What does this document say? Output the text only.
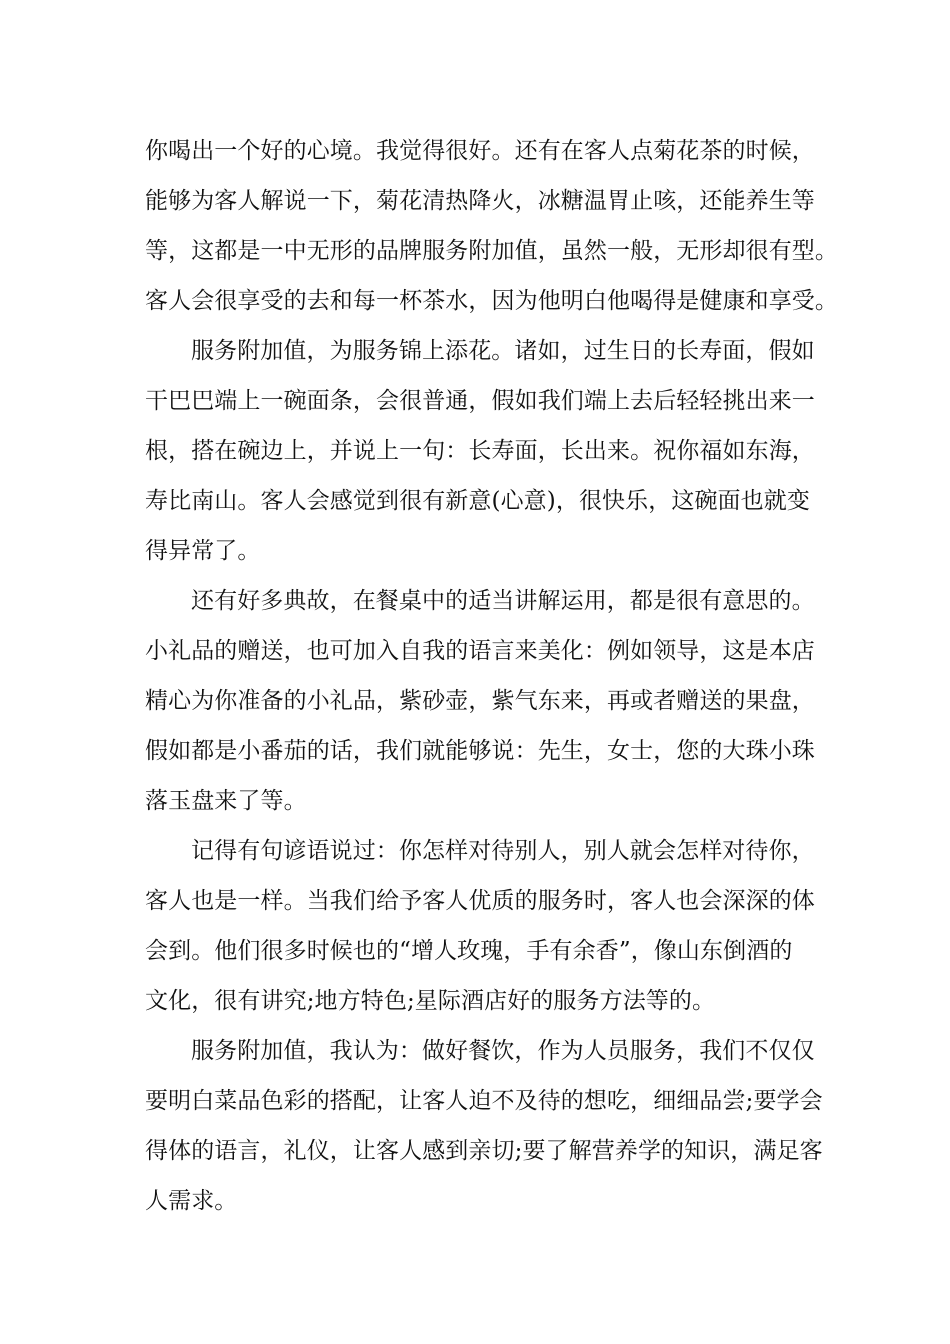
你喝出一个好的心境。我觉得很好。还有在客人点菊花茶的时候，
能够为客人解说一下，菊花清热降火，冰糖温胃止咳，还能养生等
等，这都是一中无形的品牌服务附加值，虽然一般，无形却很有型。
客人会很享受的去和每一杯茶水，因为他明白他喝得是健康和享受。
服务附加值，为服务锦上添花。诸如，过生日的长寿面，假如
干巴巴端上一碗面条，会很普通，假如我们端上去后轻轻挑出来一
根，搭在碗边上，并说上一句：长寿面，长出来。祝你福如东海，
寿比南山。客人会感觉到很有新意(心意)，很快乐，这碗面也就变
得异常了。
还有好多典故，在餐桌中的适当讲解运用，都是很有意思的。
小礼品的赠送，也可加入自我的语言来美化：例如领导，这是本店
精心为你准备的小礼品，紫砂壶，紫气东来，再或者赠送的果盘，
假如都是小番茄的话，我们就能够说：先生，女士，您的大珠小珠
落玉盘来了等。
记得有句谚语说过：你怎样对待别人，别人就会怎样对待你，
客人也是一样。当我们给予客人优质的服务时，客人也会深深的体
会到。他们很多时候也的“增人玫瑰，手有余香”，像山东倒酒的
文化，很有讲究;地方特色;星际酒店好的服务方法等的。
服务附加值，我认为：做好餐饮，作为人员服务，我们不仅仅
要明白菜品色彩的搭配，让客人迫不及待的想吃，细细品尝;要学会
得体的语言，礼仪，让客人感到亲切;要了解营养学的知识，满足客
人需求。
